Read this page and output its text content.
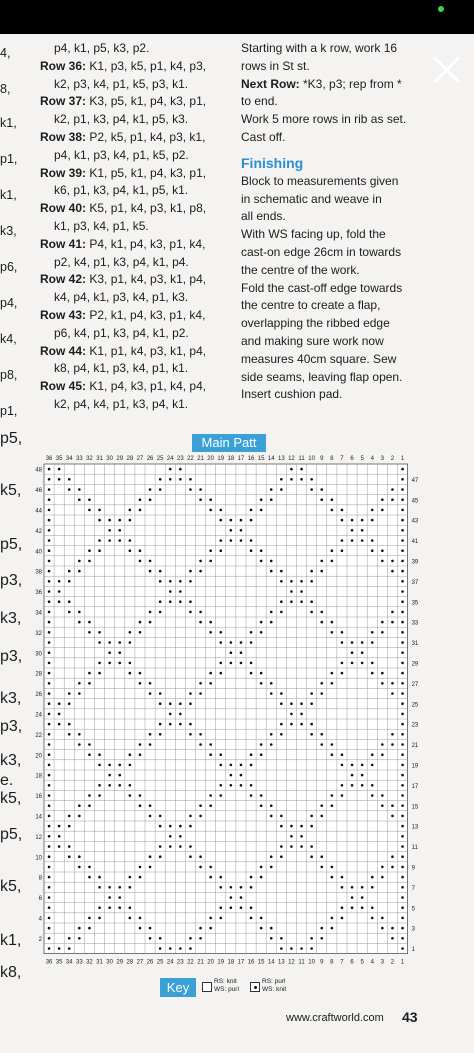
4,
8,
k1,
p1,
k1,
k3,
p6,
p4,
k4,
p8,
p1,
p4, k1, p5, k3, p2.
Row 36: K1, p3, k5, p1, k4, p3,
k2, p3, k4, p1, k5, p3, k1.
Row 37: K3, p5, k1, p4, k3, p1,
k2, p1, k3, p4, k1, p5, k3.
Row 38: P2, k5, p1, k4, p3, k1,
p4, k1, p3, k4, p1, k5, p2.
Row 39: K1, p5, k1, p4, k3, p1,
k6, p1, k3, p4, k1, p5, k1.
Row 40: K5, p1, k4, p3, k1, p8,
k1, p3, k4, p1, k5.
Row 41: P4, k1, p4, k3, p1, k4,
p2, k4, p1, k3, p4, k1, p4.
Row 42: K3, p1, k4, p3, k1, p4,
k4, p4, k1, p3, k4, p1, k3.
Row 43: P2, k1, p4, k3, p1, k4,
p6, k4, p1, k3, p4, k1, p2.
Row 44: K1, p1, k4, p3, k1, p4,
k8, p4, k1, p3, k4, p1, k1.
Row 45: K1, p4, k3, p1, k4, p4,
k2, p4, k4, p1, k3, p4, k1.
Starting with a k row, work 16
rows in St st.
Next Row: *K3, p3; rep from *
to end.
Work 5 more rows in rib as set.
Cast off.
Finishing
Block to measurements given
in schematic and weave in
all ends.
With WS facing up, fold the
cast-on edge 26cm in towards
the centre of the work.
Fold the cast-off edge towards
the centre to create a flap,
overlapping the ribbed edge
and making sure work now
measures 40cm square. Sew
side seams, leaving flap open.
Insert cushion pad.
Main Patt
36
36
35
35
34
34
33
33
32
32
31
31
30
30
29
29
28
28
27
27
26
26
25
25
24
24
23
23
22
22
21
21
20
20
19
19
18
18
17
17
16
16
15
15
14
14
13
13
12
12
11
11
10
10
9
9
8
8
7
7
6
6
5
5
4
4
3
3
2
2
1
1
47
45
43
41
39
37
35
33
31
29
27
25
23
21
19
17
15
13
11
9
7
5
3
1
48
46
44
42
40
38
36
34
32
30
28
26
24
22
20
18
16
14
12
10
8
6
4
2
Key	RS: knit
WS: purl
RS: purl
WS: knit
www.craftworld.com 43
p5,
k5,
p5,
p3,
k3,
p3,
k3,
p3,
k3,
e.
k5,
p5,
k5,
k1,
k8,
